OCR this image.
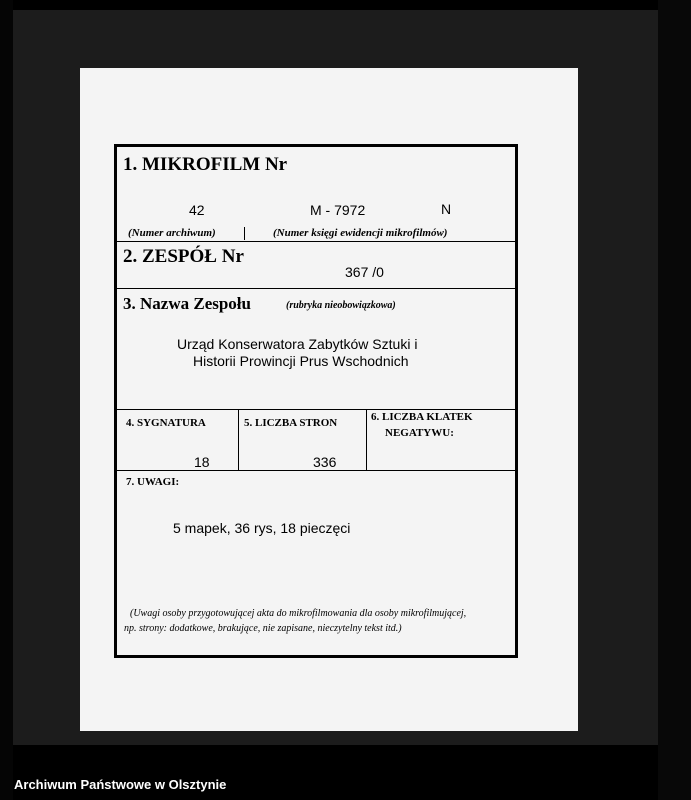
1. MIKROFILM Nr
42	M - 7972	N
(Numer archiwum)	(Numer księgi ewidencji mikrofilmów)
2. ZESPÓŁ Nr
367 /0
3. Nazwa Zespołu	(rubryka nieobowiązkowa)
Urząd Konserwatora Zabytków Sztuki i
Historii Prowincji Prus Wschodnich
4. SYGNATURA
18
5. LICZBA STRON
336
6. LICZBA KLATEK
NEGATYWU:
7. UWAGI:
5 mapek, 36 rys, 18 pieczęci
(Uwagi osoby przygotowującej akta do mikrofilmowania dla osoby mikrofilmującej,
np. strony: dodatkowe, brakujące, nie zapisane, nieczytelny tekst itd.)
Archiwum Państwowe w Olsztynie
